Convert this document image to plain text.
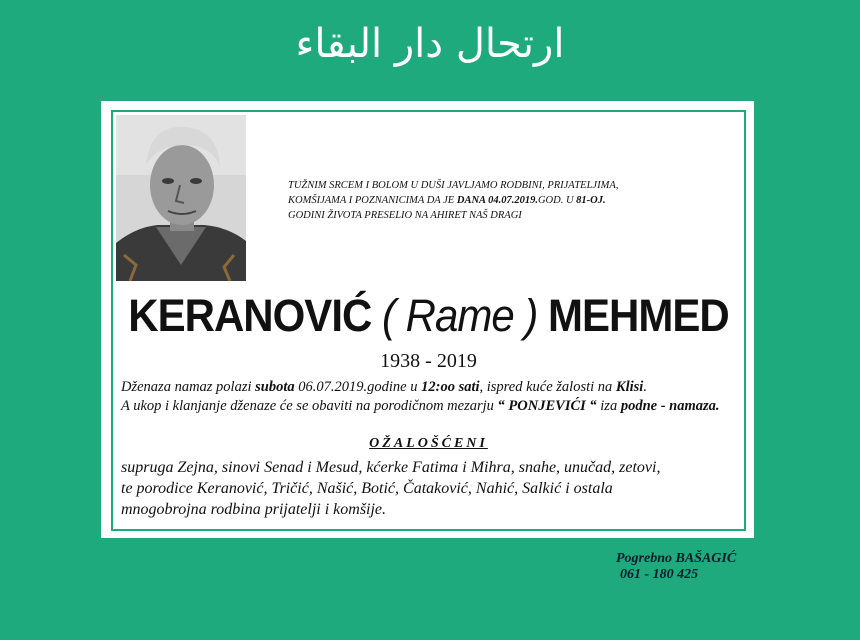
ارتحال دار البقاء
TUŽNIM SRCEM I BOLOM U DUŠI JAVLJAMO RODBINI, PRIJATELJIMA,
KOMŠIJAMA I POZNANICIMA DA JE DANA 04.07.2019.GOD. U 81-OJ.
GODINI ŽIVOTA PRESELIO NA AHIRET NAŠ DRAGI
KERANOVIĆ ( Rame ) MEHMED
1938 - 2019
Dženaza namaz polazi subota 06.07.2019.godine u 12:oo sati, ispred kuće žalosti na Klisi.
A ukop i klanjanje dženaze će se obaviti na porodičnom mezarju “ PONJEVIĆI “ iza podne - namaza.
OŽALOŠĆENI
supruga Zejna, sinovi Senad i Mesud, kćerke Fatima i Mihra, snahe, unučad, zetovi,
te porodice Keranović, Tričić, Našić, Botić, Čataković, Nahić, Salkić i ostala
mnogobrojna rodbina prijatelji i komšije.
Pogrebno BAŠAGIĆ
061 - 180 425
